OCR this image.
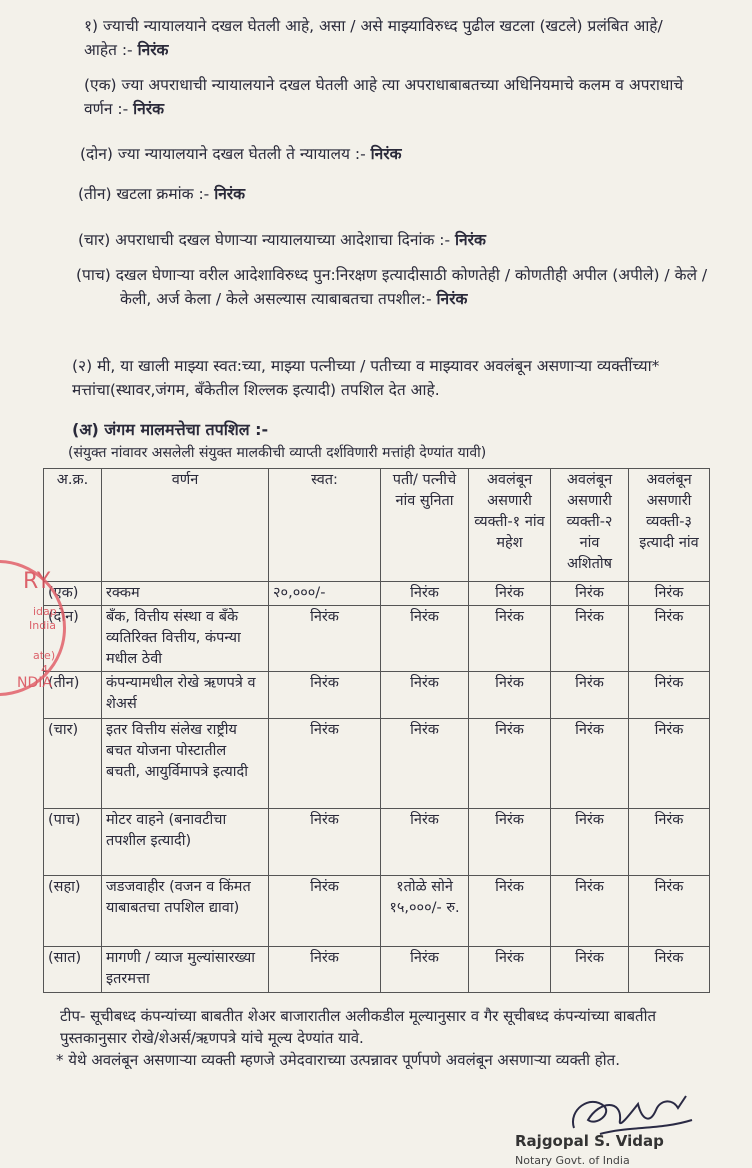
१) ज्याची न्यायालयाने दखल घेतली आहे, असा / असे माझ्याविरुध्द पुढील खटला (खटले) प्रलंबित आहे/आहेत :- निरंक
(एक) ज्या अपराधाची न्यायालयाने दखल घेतली आहे त्या अपराधाबाबतच्या अधिनियमाचे कलम व अपराधाचे वर्णन :- निरंक
(दोन) ज्या न्यायालयाने दखल घेतली ते न्यायालय :- निरंक
(तीन) खटला क्रमांक :- निरंक
(चार) अपराधाची दखल घेणाऱ्या न्यायालयाच्या आदेशाचा दिनांक :- निरंक
(पाच) दखल घेणाऱ्या वरील आदेशाविरुध्द पुन:निरक्षण इत्यादीसाठी कोणतेही / कोणतीही अपील (अपीले) / केले / केली, अर्ज केला / केले असल्यास त्याबाबतचा तपशील:- निरंक
(२) मी, या खाली माझ्या स्वत:च्या, माझ्या पत्नीच्या / पतीच्या व माझ्यावर अवलंबून असणाऱ्या व्यक्तींच्या* मत्तांचा(स्थावर,जंगम, बँकेतील शिल्लक इत्यादी) तपशिल देत आहे.
(अ) जंगम मालमत्तेचा तपशिल :-
(संयुक्त नांवावर असलेली संयुक्त मालकीची व्याप्ती दर्शविणारी मत्तांही देण्यांत यावी)
अ.क्र.	वर्णन	स्वत:	पती/ पत्नीचे नांव सुनिता	अवलंबून असणारी व्यक्ती-१ नांव महेश	अवलंबून असणारी व्यक्ती-२ नांव अशितोष	अवलंबून असणारी व्यक्ती-३ इत्यादी नांव
(एक)	रक्कम	२०,०००/-	निरंक	निरंक	निरंक	निरंक
(दोन)	बँक, वित्तीय संस्था व बँके व्यतिरिक्त वित्तीय, कंपन्या मधील ठेवी	निरंक	निरंक	निरंक	निरंक	निरंक
(तीन)	कंपन्यामधील रोखे ऋणपत्रे व शेअर्स	निरंक	निरंक	निरंक	निरंक	निरंक
(चार)	इतर वित्तीय संलेख राष्ट्रीय बचत योजना पोस्टातील बचती, आयुर्विमापत्रे इत्यादी	निरंक	निरंक	निरंक	निरंक	निरंक
(पाच)	मोटर वाहने (बनावटीचा तपशील इत्यादी)	निरंक	निरंक	निरंक	निरंक	निरंक
(सहा)	जडजवाहीर (वजन व किंमत याबाबतचा तपशिल द्यावा)	निरंक	१तोळे सोने १५,०००/- रु.	निरंक	निरंक	निरंक
(सात)	मागणी / व्याज मुल्यांसारख्या इतरमत्ता	निरंक	निरंक	निरंक	निरंक	निरंक
टीप- सूचीबध्द कंपन्यांच्या बाबतीत शेअर बाजारातील अलीकडील मूल्यानुसार व गैर सूचीबध्द कंपन्यांच्या बाबतीत पुस्तकानुसार रोखे/शेअर्स/ऋणपत्रे यांचे मूल्य देण्यांत यावे.
* येथे अवलंबून असणाऱ्या व्यक्ती म्हणजे उमेदवाराच्या उत्पन्नावर पूर्णपणे अवलंबून असणाऱ्या व्यक्ती होत.
RY
idap
India
ate)
4
NDIA
Rajgopal S. Vidap
Notary Govt. of India
